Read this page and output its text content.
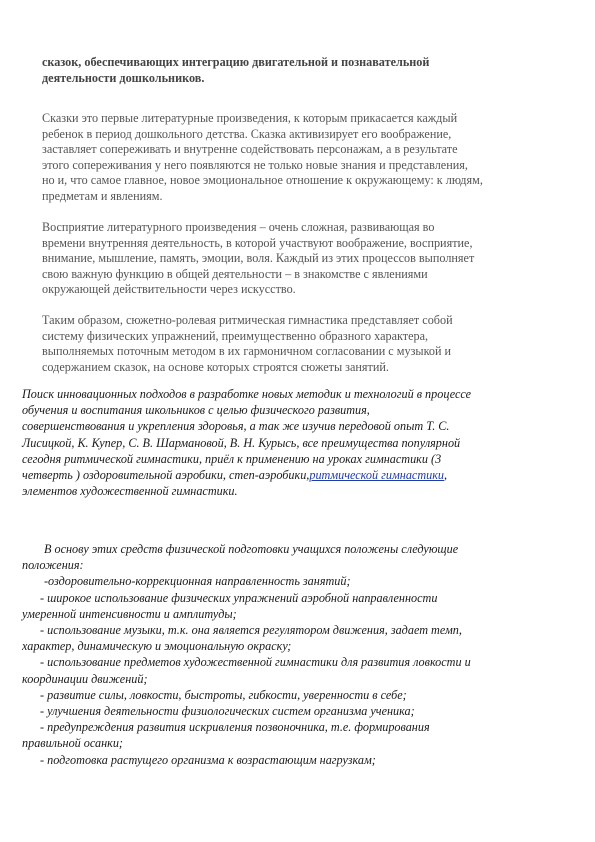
сказок, обеспечивающих интеграцию двигательной и познавательной

деятельности дошкольников.

Сказки это первые литературные произведения, к которым прикасается каждый

ребенок в период дошкольного детства. Сказка активизирует его воображение,

заставляет сопереживать и внутренне содействовать персонажам, а в результате

этого сопереживания у него появляются не только новые знания и представления,

но и, что самое главное, новое эмоциональное отношение к окружающему: к людям,

предметам и явлениям.

Восприятие литературного произведения – очень сложная, развивающая во

времени внутренняя деятельность, в которой участвуют воображение, восприятие,

внимание, мышление, память, эмоции, воля. Каждый из этих процессов выполняет

свою важную функцию в общей деятельности – в знакомстве с явлениями

окружающей действительности через искусство.

Таким образом, сюжетно-ролевая ритмическая гимнастика представляет собой

систему физических упражнений, преимущественно образного характера,

выполняемых поточным методом в их гармоничном согласовании с музыкой и

содержанием сказок, на основе которых строятся сюжеты занятий.

Поиск инновационных подходов в разработке новых методик и технологий в процессе

обучения и воспитания школьников с целью физического развития,

совершенствования и укрепления здоровья, а так же изучив передовой опыт Т. С.

Лисицкой, К. Купер, С. В. Шармановой, В. Н. Курысь, все преимущества популярной

сегодня ритмической гимнастики, приёл к применению на уроках гимнастики (3

четверть ) оздоровительной аэробики, степ-аэробики,ритмической гимнастики,

элементов художественной гимнастики.

В основу этих средств физической подготовки учащихся положены следующие

положения:

-оздоровительно-коррекционная направленность занятий;

- широкое использование физических упражнений аэробной направленности

умеренной интенсивности и амплитуды;

- использование музыки, т.к. она является регулятором движения, задает темп,

характер, динамическую и эмоциональную окраску;

- использование предметов художественной гимнастики для развития ловкости и

координации движений;

- развитие силы, ловкости, быстроты, гибкости, уверенности в себе;

- улучшения деятельности физиологических систем организма ученика;

- предупреждения развития искривления позвоночника, т.е. формирования

правильной осанки;

- подготовка растущего организма к возрастающим нагрузкам;
